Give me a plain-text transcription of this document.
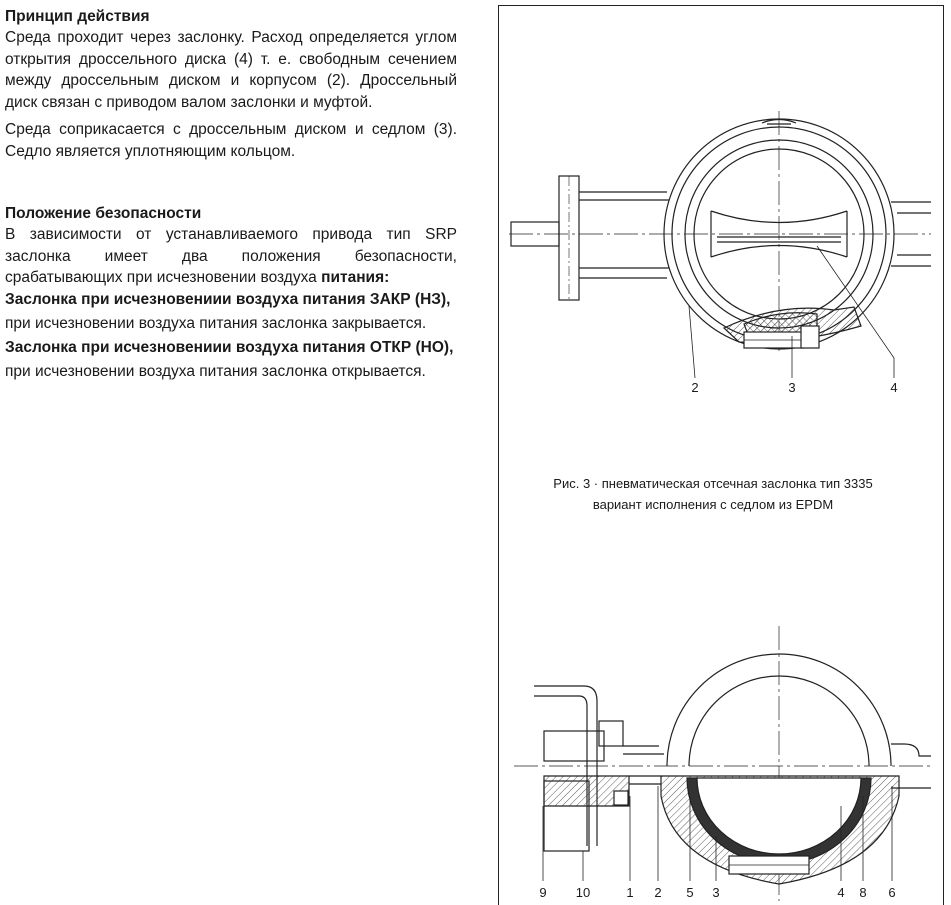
Принцип действия

Среда проходит через заслонку. Расход определяется углом открытия дроссельного диска (4) т. е. свободным сечением между дроссельным диском и корпусом (2). Дроссельный диск связан с приводом валом заслонки и муфтой.

Среда соприкасается с дроссельным диском и седлом (3). Седло является уплотняющим кольцом.

Положение безопасности

В зависимости от устанавливаемого привода тип SRP заслонка имеет два положения безопасности, срабатывающих при исчезновении воздуха питания:

Заслонка при исчезновениии воздуха питания ЗАКР (НЗ),

при исчезновении воздуха питания заслонка закрывается.

Заслонка при исчезновениии воздуха питания ОТКР (НО),

при исчезновении воздуха питания заслонка открывается.

2	3	4
9 10	1 2 5 3	4 8 6
Рис. 3 · пневматическая отсечная заслонка тип 3335
вариант исполнения с седлом из EPDM
